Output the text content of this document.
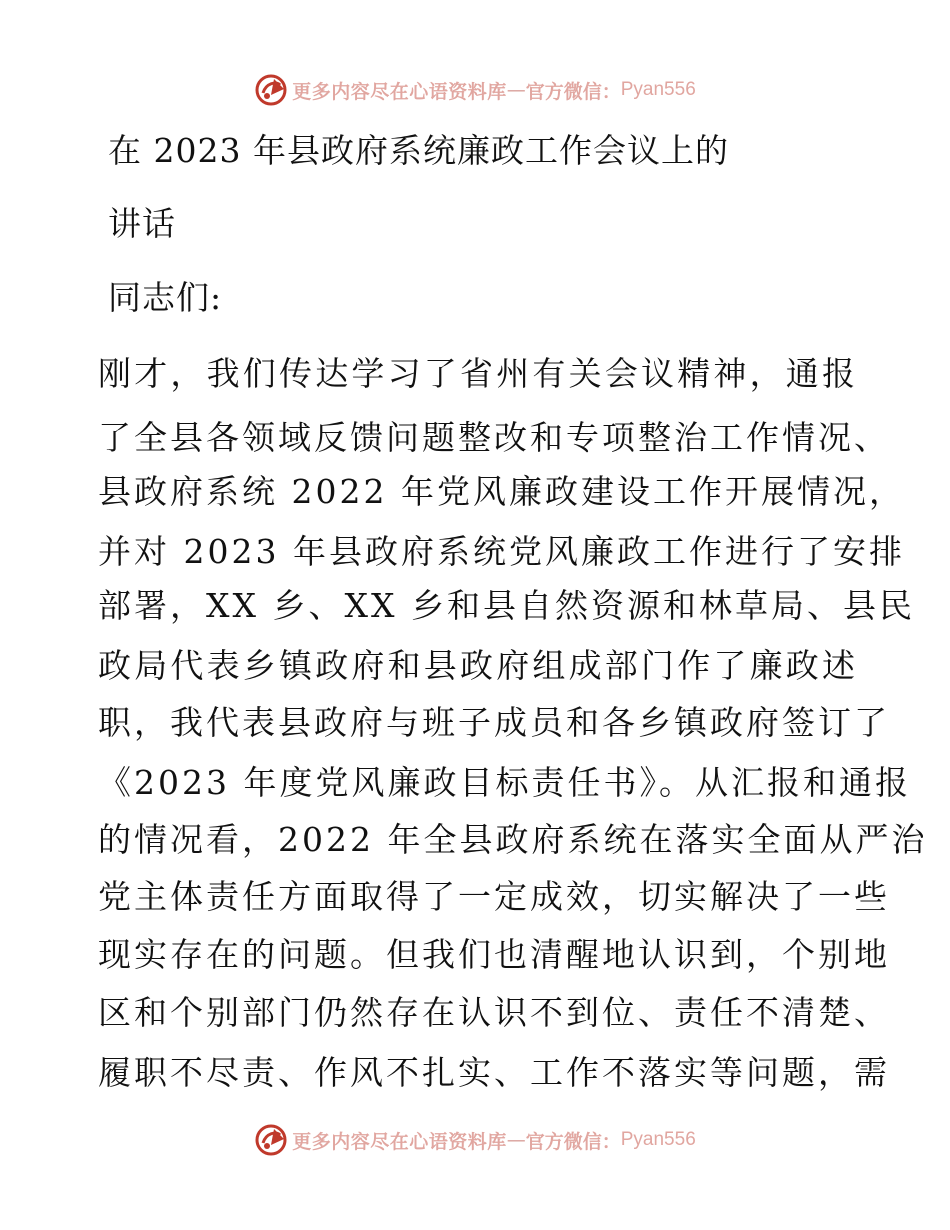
更多内容尽在心语资料库 — 官方微信： Pyan556
在 2023 年县政府系统廉政工作会议上的
讲话
同志们:
刚才，我们传达学习了省州有关会议精神，通报
了全县各领域反馈问题整改和专项整治工作情况、
县政府系统 2022 年党风廉政建设工作开展情况，
并对 2023 年县政府系统党风廉政工作进行了安排
部署，XX 乡、XX 乡和县自然资源和林草局、县民
政局代表乡镇政府和县政府组成部门作了廉政述
职，我代表县政府与班子成员和各乡镇政府签订了
《2023 年度党风廉政目标责任书》。从汇报和通报
的情况看，2022 年全县政府系统在落实全面从严治
党主体责任方面取得了一定成效，切实解决了一些
现实存在的问题。但我们也清醒地认识到，个别地
区和个别部门仍然存在认识不到位、责任不清楚、
履职不尽责、作风不扎实、工作不落实等问题，需
更多内容尽在心语资料库 — 官方微信： Pyan556
